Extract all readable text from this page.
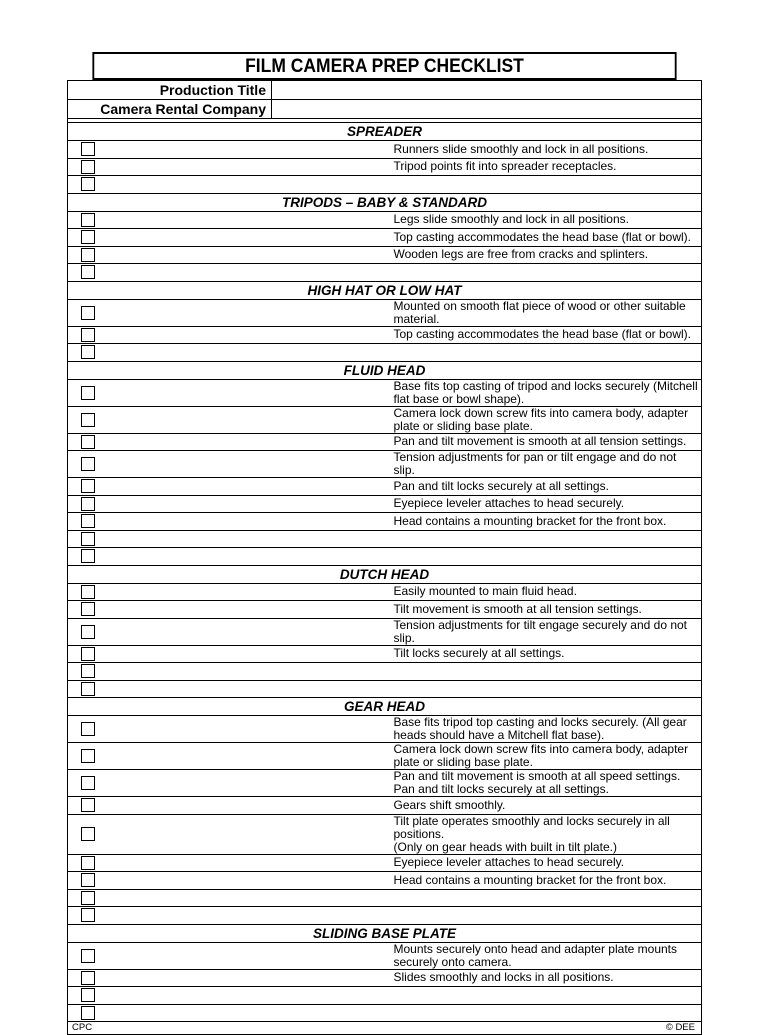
FILM CAMERA PREP CHECKLIST
Production Title	
Camera Rental Company	
SPREADER	

	Runners slide smoothly and lock in all positions.

	Tripod points fit into spreader receptacles.

TRIPODS – BABY & STANDARD	

	Legs slide smoothly and lock in all positions.

	Top casting accommodates the head base (flat or bowl).

	Wooden legs are free from cracks and splinters.

HIGH HAT OR LOW HAT	

	Mounted on smooth flat piece of wood or other suitable material.

	Top casting accommodates the head base (flat or bowl).

FLUID HEAD	

	Base fits top casting of tripod and locks securely (Mitchell flat base or bowl shape).

	Camera lock down screw fits into camera body, adapter plate or sliding base plate.

	Pan and tilt movement is smooth at all tension settings.

	Tension adjustments for pan or tilt engage and do not slip.

	Pan and tilt locks securely at all settings.

	Eyepiece leveler attaches to head securely.

	Head contains a mounting bracket for the front box.

DUTCH HEAD	

	Easily mounted to main fluid head.

	Tilt movement is smooth at all tension settings.

	Tension adjustments for tilt engage securely and do not slip.

	Tilt locks securely at all settings.

GEAR HEAD	

	Base fits tripod top casting and locks securely. (All gear heads should have a Mitchell flat base).

	Camera lock down screw fits into camera body, adapter plate or sliding base plate.

	Pan and tilt movement is smooth at all speed settings. Pan and tilt locks securely at all settings.

	Gears shift smoothly.

	Tilt plate operates smoothly and locks securely in all positions.
(Only on gear heads with built in tilt plate.)

	Eyepiece leveler attaches to head securely.

	Head contains a mounting bracket for the front box.

SLIDING BASE PLATE	

	Mounts securely onto head and adapter plate mounts securely onto camera.

	Slides smoothly and locks in all positions.

CPC	© DEE
